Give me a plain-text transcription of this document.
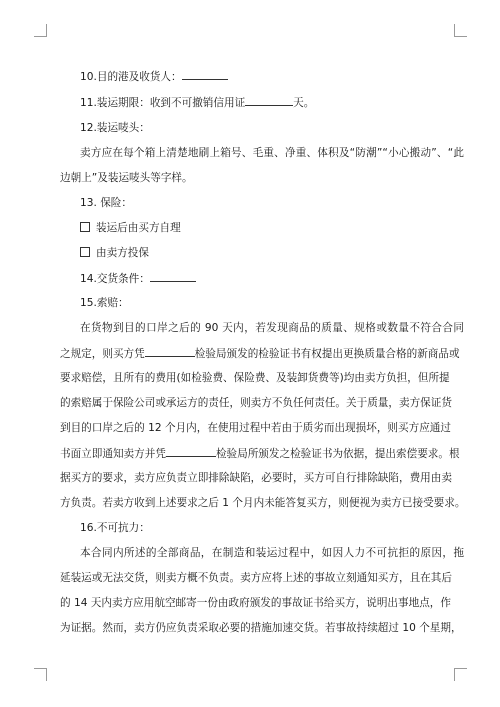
10.目的港及收货人：
11.装运期限：收到不可撤销信用证	天。
12.装运唛头：
卖方应在每个箱上清楚地刷上箱号、毛重、净重、体积及“防潮”“小心搬动”、“此
边朝上”及装运唛头等字样。
13. 保险：
装运后由买方自理
由卖方投保
14.交货条件：
15.索赔：
在货物到目的口岸之后的 90 天内，若发现商品的质量、规格或数量不符合合同
之规定，则买方凭	检验局颁发的检验证书有权提出更换质量合格的新商品或
要求赔偿，且所有的费用(如检验费、保险费、及装卸货费等)均由卖方负担，但所提
的索赔属于保险公司或承运方的责任，则卖方不负任何责任。关于质量，卖方保证货
到目的口岸之后的 12 个月内，在使用过程中若由于质劣而出现损坏，则买方应通过
书面立即通知卖方并凭	检验局所颁发之检验证书为依据，提出索偿要求。根
据买方的要求，卖方应负责立即排除缺陷，必要时，买方可自行排除缺陷，费用由卖
方负责。若卖方收到上述要求之后 1 个月内未能答复买方，则便视为卖方已接受要求。
16.不可抗力：
本合同内所述的全部商品，在制造和装运过程中，如因人力不可抗拒的原因，拖
延装运或无法交货，则卖方概不负责。卖方应将上述的事故立刻通知买方，且在其后
的 14 天内卖方应用航空邮寄一份由政府颁发的事故证书给买方，说明出事地点，作
为证据。然而，卖方仍应负责采取必要的措施加速交货。若事故持续超过 10 个星期，
